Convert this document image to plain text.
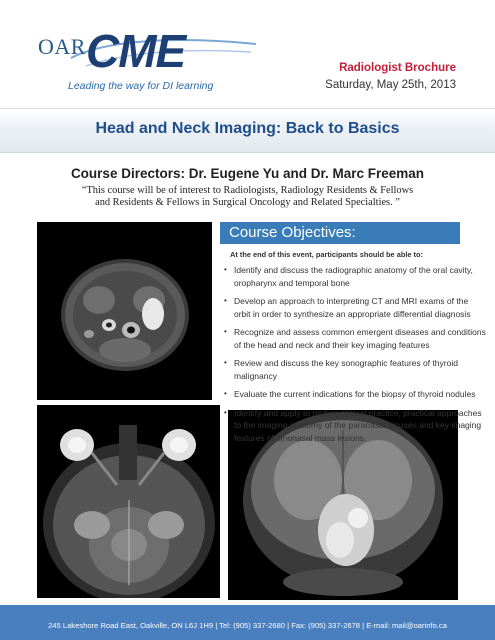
OAR CME
Leading the way for DI learning
Radiologist Brochure
Saturday, May 25th, 2013
Head and Neck Imaging: Back to Basics
Course Directors: Dr. Eugene Yu and Dr. Marc Freeman
“This course will be of interest to Radiologists, Radiology Residents & Fellows
and Residents & Fellows in Surgical Oncology and Related Specialties. ”
Course Objectives:
At the end of this event, participants should be able to:
• Identify and discuss the radiographic anatomy of the oral cavity,
oropharynx and temporal bone
• Develop an approach to interpreting CT and MRI exams of the
orbit in order to synthesize an appropriate differential diagnosis
• Recognize and assess common emergent diseases and conditions
of the head and neck and their key imaging features
• Review and discuss the key sonographic features of thyroid
malignancy
• Evaluate the current indications for the biopsy of thyroid nodules
• Identify and apply to routine clinical practice, practical approaches
to the imaging anatomy of the paranasal sinuses and key imaging
features of sinonasal mass lesions.
245 Lakeshore Road East, Oakville, ON L6J 1H9 | Tel: (905) 337-2680 | Fax: (905) 337-2678 | E-mail: mail@oarinfo.ca
